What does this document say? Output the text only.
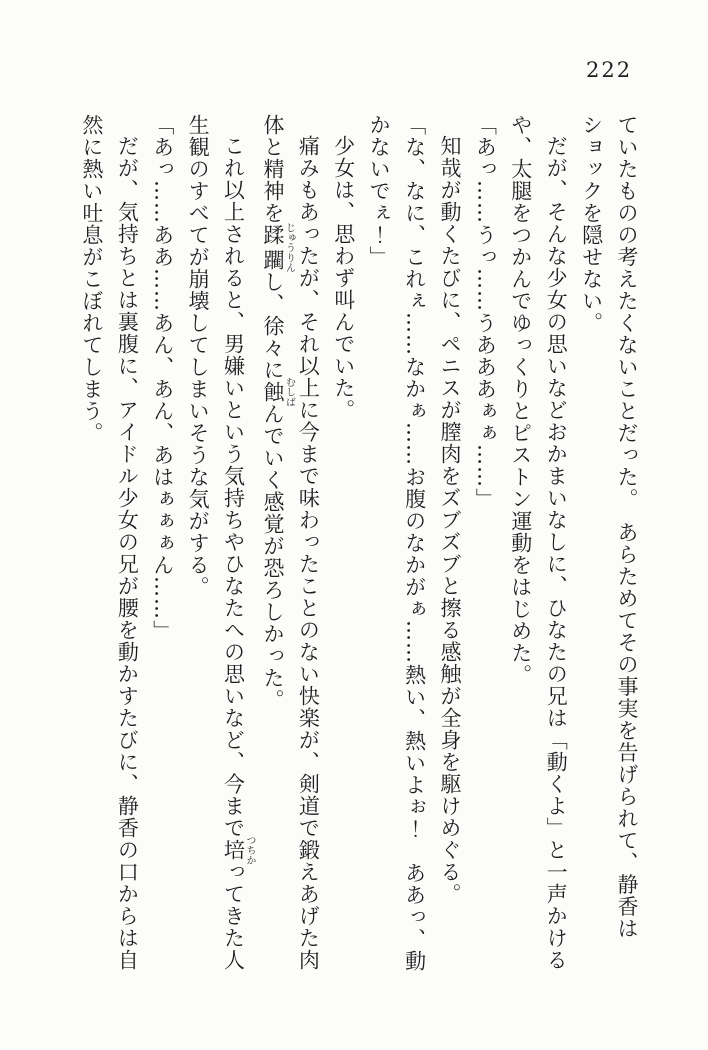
222

ていたものの考えたくないことだった。　あらためてその事実を告げられて、静香はショックを隠せない。

だが、そんな少女の思いなどおかまいなしに、ひなたの兄は「動くよ」と一声かけるや、太腿をつかんでゆっくりとピストン運動をはじめた。

「あっ……うっ……うあああぁぁ……」

知哉が動くたびに、ペニスが膣肉をズブズブと擦る感触が全身を駆けめぐる。

「な、なに、これぇ……なかぁ……お腹のなかがぁ……熱い、熱いよぉ！　ああっ、動かないでぇ！」

少女は、思わず叫んでいた。

痛みもあったが、それ以上に今まで味わったことのない快楽が、剣道で鍛えあげた肉体と精神を蹂躙じゅうりんし、徐々に蝕むしばんでいく感覚が恐ろしかった。

これ以上されると、男嫌いという気持ちやひなたへの思いなど、今まで培つちかってきた人生観のすべてが崩壊してしまいそうな気がする。

「あっ……ああ……あん、あん、あはぁぁぁん……」

だが、気持ちとは裏腹に、アイドル少女の兄が腰を動かすたびに、静香の口からは自然に熱い吐息がこぼれてしまう。
